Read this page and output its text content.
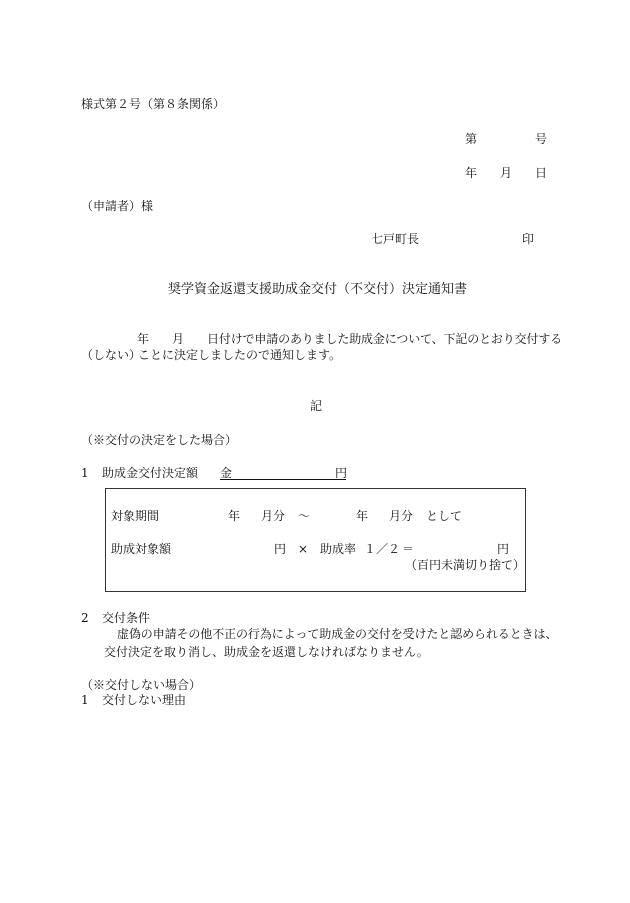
様式第２号（第８条関係）
第	号
年 月 日
（申請者）様
七戸町長	印
奨学資金返還支援助成金交付（不交付）決定通知書
年 月 日付けで申請のありました助成金について、下記のとおり交付する
（しない）
ことに決定しましたので通知します。
記
（※交付の決定をした場合）
1 助成金交付決定額 金	円
対象期間	年 月分 ～	年 月分 として
助成対象額	円 × 助成率 １／２ ＝	円
（百円未満切り捨て）
2 交付条件
虚偽の申請その他不正の行為によって助成金の交付を受けたと認められるときは、
交付決定を取り消し、助成金を返還しなければなりません。
（※交付しない場合）
1 交付しない理由
